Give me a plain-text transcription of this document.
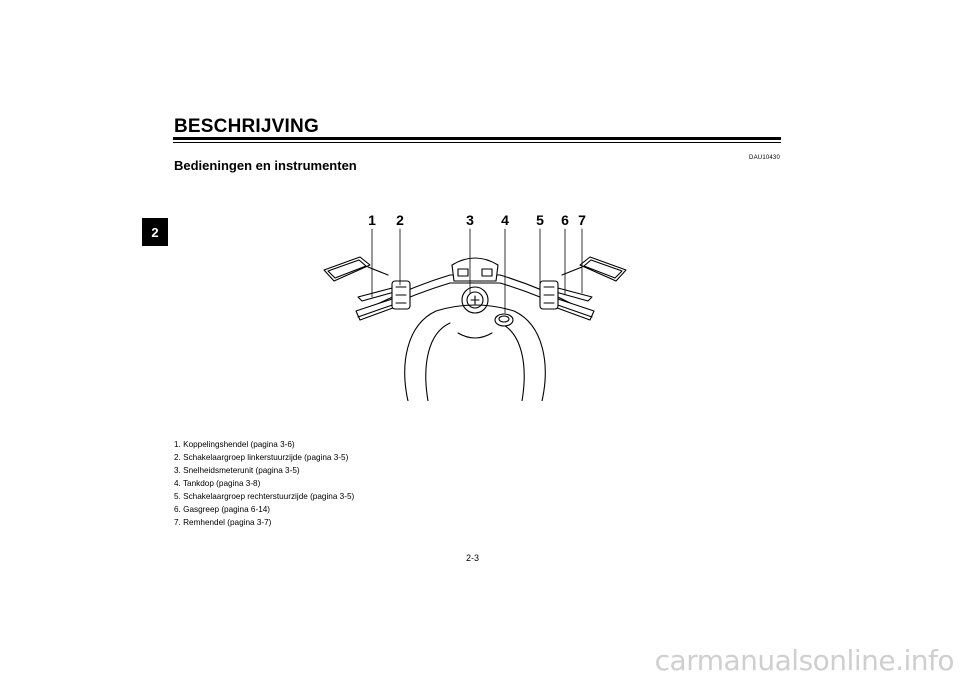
BESCHRIJVING
2
DAU10430
Bedieningen en instrumenten
1 2	3 4 5 6 7
1. Koppelingshendel (pagina 3-6)
2. Schakelaargroep linkerstuurzijde (pagina 3-5)
3. Snelheidsmeterunit (pagina 3-5)
4. Tankdop (pagina 3-8)
5. Schakelaargroep rechterstuurzijde (pagina 3-5)
6. Gasgreep (pagina 6-14)
7. Remhendel (pagina 3-7)
2-3
carmanualsonline.info
